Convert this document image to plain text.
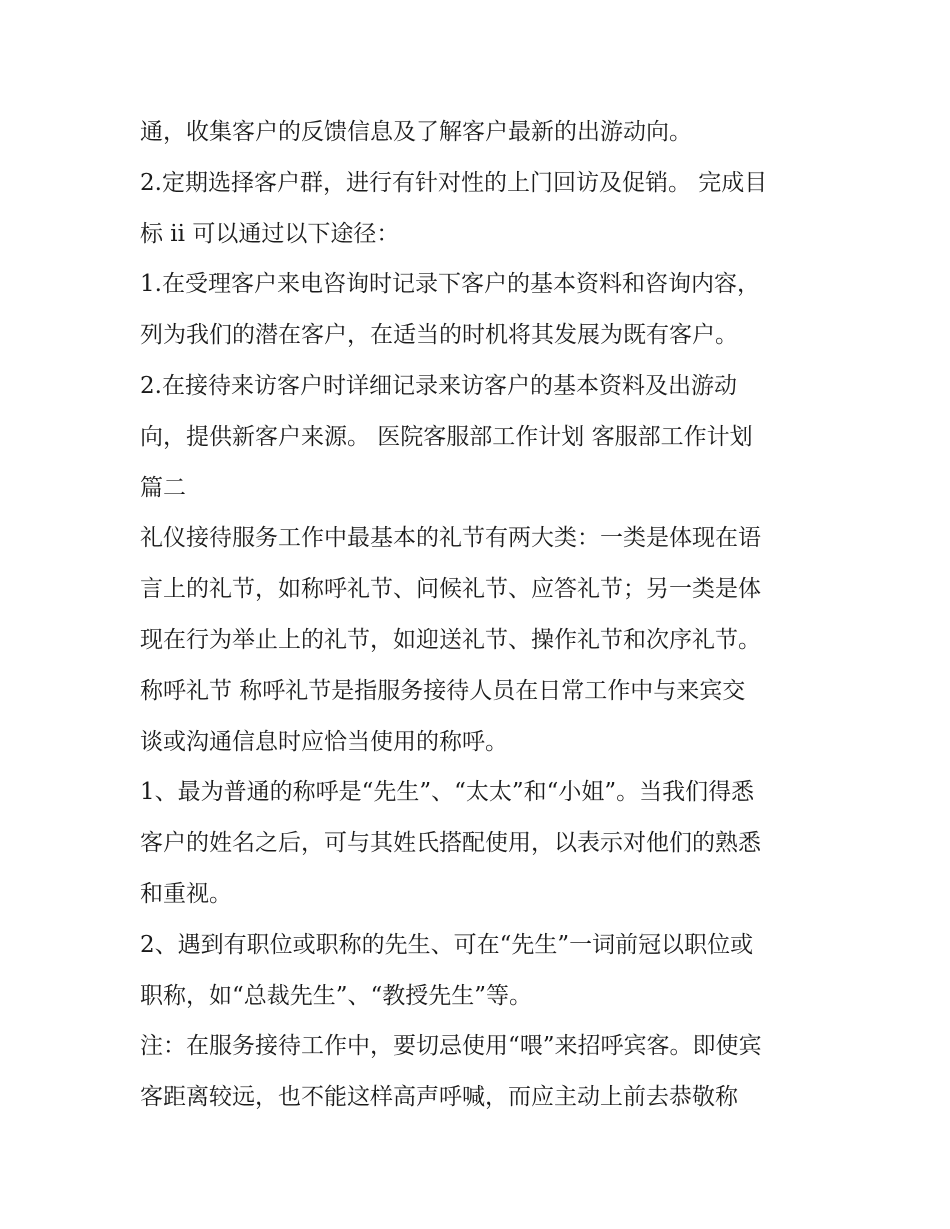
通，收集客户的反馈信息及了解客户最新的出游动向。
2.定期选择客户群，进行有针对性的上门回访及促销。 完成目
标 ii 可以通过以下途径：
1.在受理客户来电咨询时记录下客户的基本资料和咨询内容，
列为我们的潜在客户，在适当的时机将其发展为既有客户。
2.在接待来访客户时详细记录来访客户的基本资料及出游动
向，提供新客户来源。 医院客服部工作计划 客服部工作计划
篇二
礼仪接待服务工作中最基本的礼节有两大类：一类是体现在语
言上的礼节，如称呼礼节、问候礼节、应答礼节；另一类是体
现在行为举止上的礼节，如迎送礼节、操作礼节和次序礼节。
称呼礼节 称呼礼节是指服务接待人员在日常工作中与来宾交
谈或沟通信息时应恰当使用的称呼。
1、最为普通的称呼是“先生”、“太太”和“小姐”。当我们得悉
客户的姓名之后，可与其姓氏搭配使用，以表示对他们的熟悉
和重视。
2、遇到有职位或职称的先生、可在“先生”一词前冠以职位或
职称，如“总裁先生”、“教授先生”等。
注：在服务接待工作中，要切忌使用“喂”来招呼宾客。即使宾
客距离较远，也不能这样高声呼喊，而应主动上前去恭敬称
